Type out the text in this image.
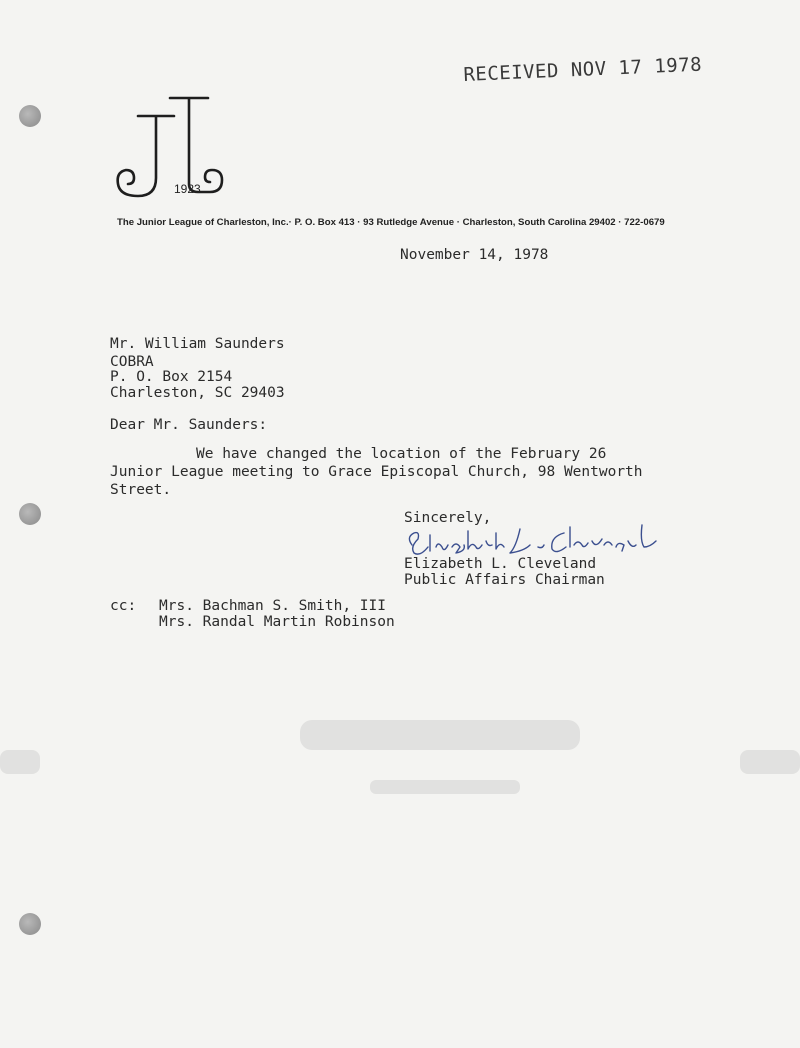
RECEIVED NOV 17 1978
1923
The Junior League of Charleston, Inc.· P. O. Box 413 · 93 Rutledge Avenue · Charleston, South Carolina 29402 · 722-0679
November 14, 1978
Mr. William Saunders
COBRA
P. O. Box 2154
Charleston, SC 29403
Dear Mr. Saunders:
We have changed the location of the February 26
Junior League meeting to Grace Episcopal Church, 98 Wentworth
Street.
Sincerely,
Elizabeth L. Cleveland
Public Affairs Chairman
cc: Mrs. Bachman S. Smith, III
Mrs. Randal Martin Robinson
